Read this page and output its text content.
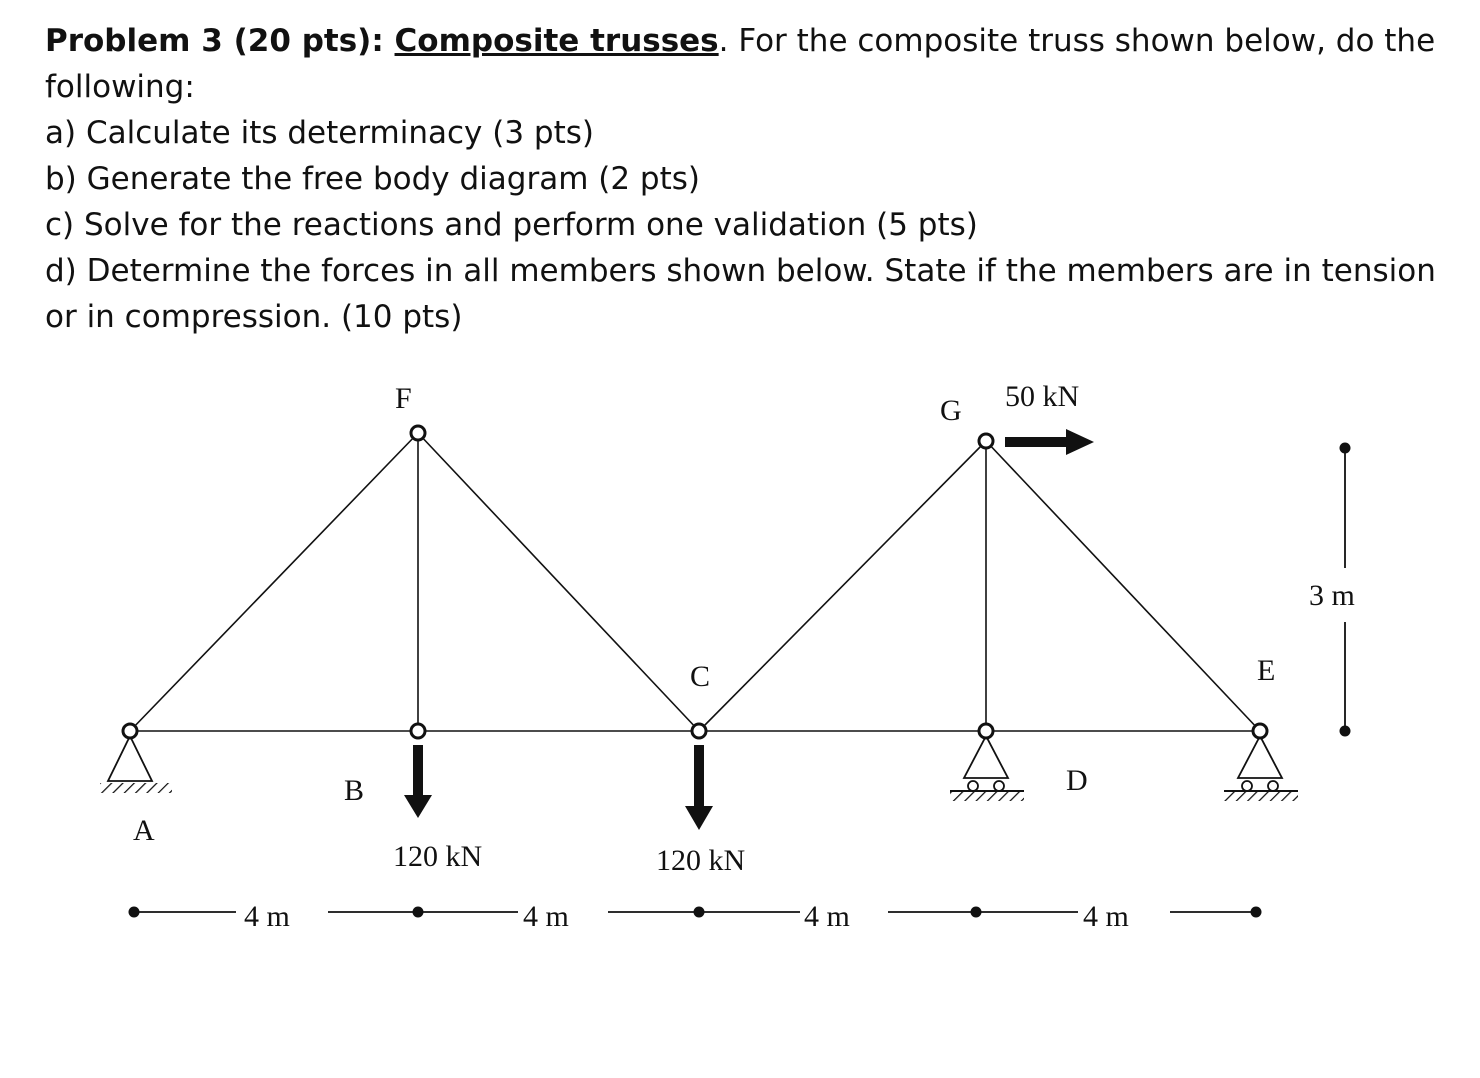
Problem 3 (20 pts): Composite trusses. For the composite truss shown below, do the following:

a) Calculate its determinacy (3 pts)

b) Generate the free body diagram (2 pts)

c) Solve for the reactions and perform one validation (5 pts)

d) Determine the forces in all members shown below. State if the members are in tension or in compression. (10 pts)

F	G
C	E
A
B	D
120 kN	120 kN
50 kN
4 m	4 m	4 m	4 m
3 m
